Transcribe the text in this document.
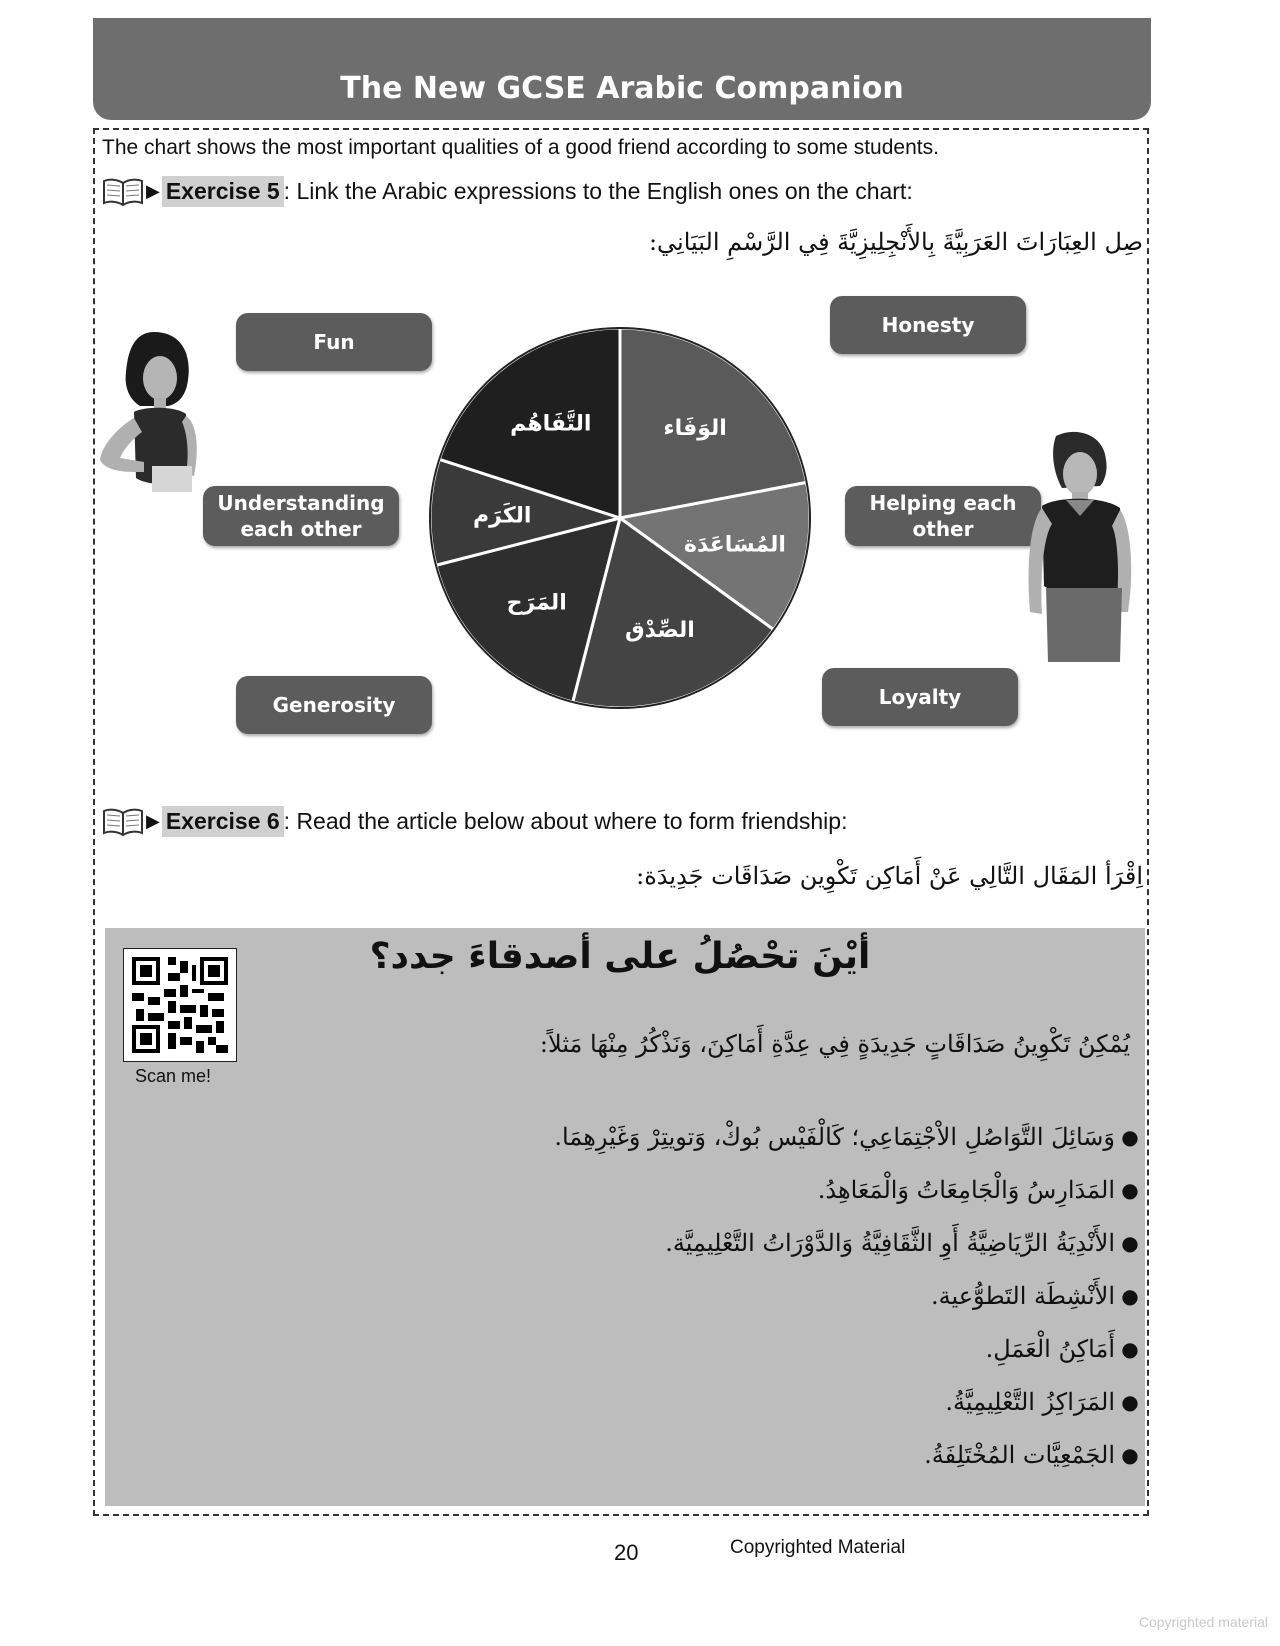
The New GCSE Arabic Companion
The chart shows the most important qualities of a good friend according to some students.
▶ Exercise 5 : Link the Arabic expressions to the English ones on the chart:
صِل العِبَارَاتَ العَرَبِيَّةَ بِالأَنْجِلِيزِيَّةَ فِي الرَّسْمِ البَيَانِي:
الوَفَاء
المُسَاعَدَة
الصِّدْق
المَرَح
الكَرَم
التَّفَاهُم
Fun
Honesty
Understanding
each other
Helping each
other
Generosity	Loyalty
▶ Exercise 6 : Read the article below about where to form friendship:
اِقْرَأ المَقَال التَّالِي عَنْ أَمَاكِن تَكْوِين صَدَاقَات جَدِيدَة:
Scan me!
أيْنَ تحْصُلُ على أصدقاءَ جدد؟
يُمْكِنُ تَكْوِينُ صَدَاقَاتٍ جَدِيدَةٍ فِي عِدَّةِ أَمَاكِنَ، وَنَذْكُرُ مِنْهَا مَثلاً:
●
وَسَائِلَ التَّوَاصُلِ الاْجْتِمَاعِي؛ كَالْفَيْس بُوكْ، وَتويتِرْ وَغَيْرِهِمَا.
●
المَدَارِسُ وَالْجَامِعَاتُ وَالْمَعَاهِدُ.
●
الأَنْدِيَةُ الرِّيَاضِيَّةُ أَوِ الثَّقَافِيَّةُ وَالدَّوْرَاتُ التَّعْلِيمِيَّة.
●
الأَنْشِطَة التَطوُّعية.
●
أَمَاكِنُ الْعَمَلِ.
●
المَرَاكِزُ التَّعْلِيمِيَّةُ.
●
الجَمْعِيَّات المُخْتَلِفَةُ.
20	Copyrighted Material
Copyrighted material
